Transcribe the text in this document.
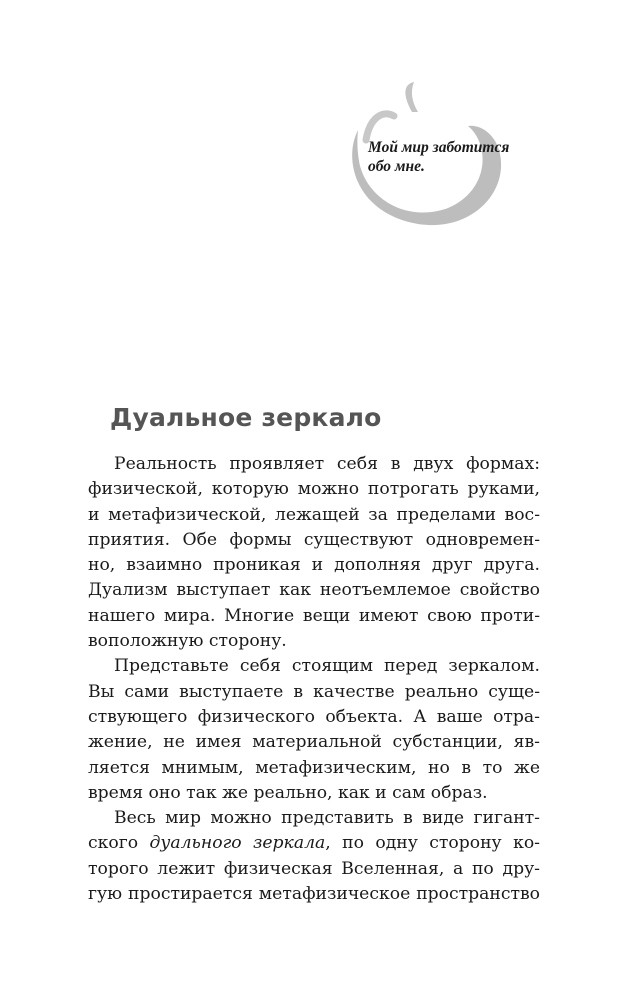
Мой мир заботится
обо мне.
Дуальное зеркало
Реальность проявляет себя в двух формах:
физической, которую можно потрогать руками,
и метафизической, лежащей за пределами вос-
приятия. Обе формы существуют одновремен-
но, взаимно проникая и дополняя друг друга.
Дуализм выступает как неотъемлемое свойство
нашего мира. Многие вещи имеют свою проти-
воположную сторону.
Представьте себя стоящим перед зеркалом.
Вы сами выступаете в качестве реально суще-
ствующего физического объекта. А ваше отра-
жение, не имея материальной субстанции, яв-
ляется мнимым, метафизическим, но в то же
время оно так же реально, как и сам образ.
Весь мир можно представить в виде гигант-
ского дуального зеркала, по одну сторону ко-
торого лежит физическая Вселенная, а по дру-
гую простирается метафизическое пространство
